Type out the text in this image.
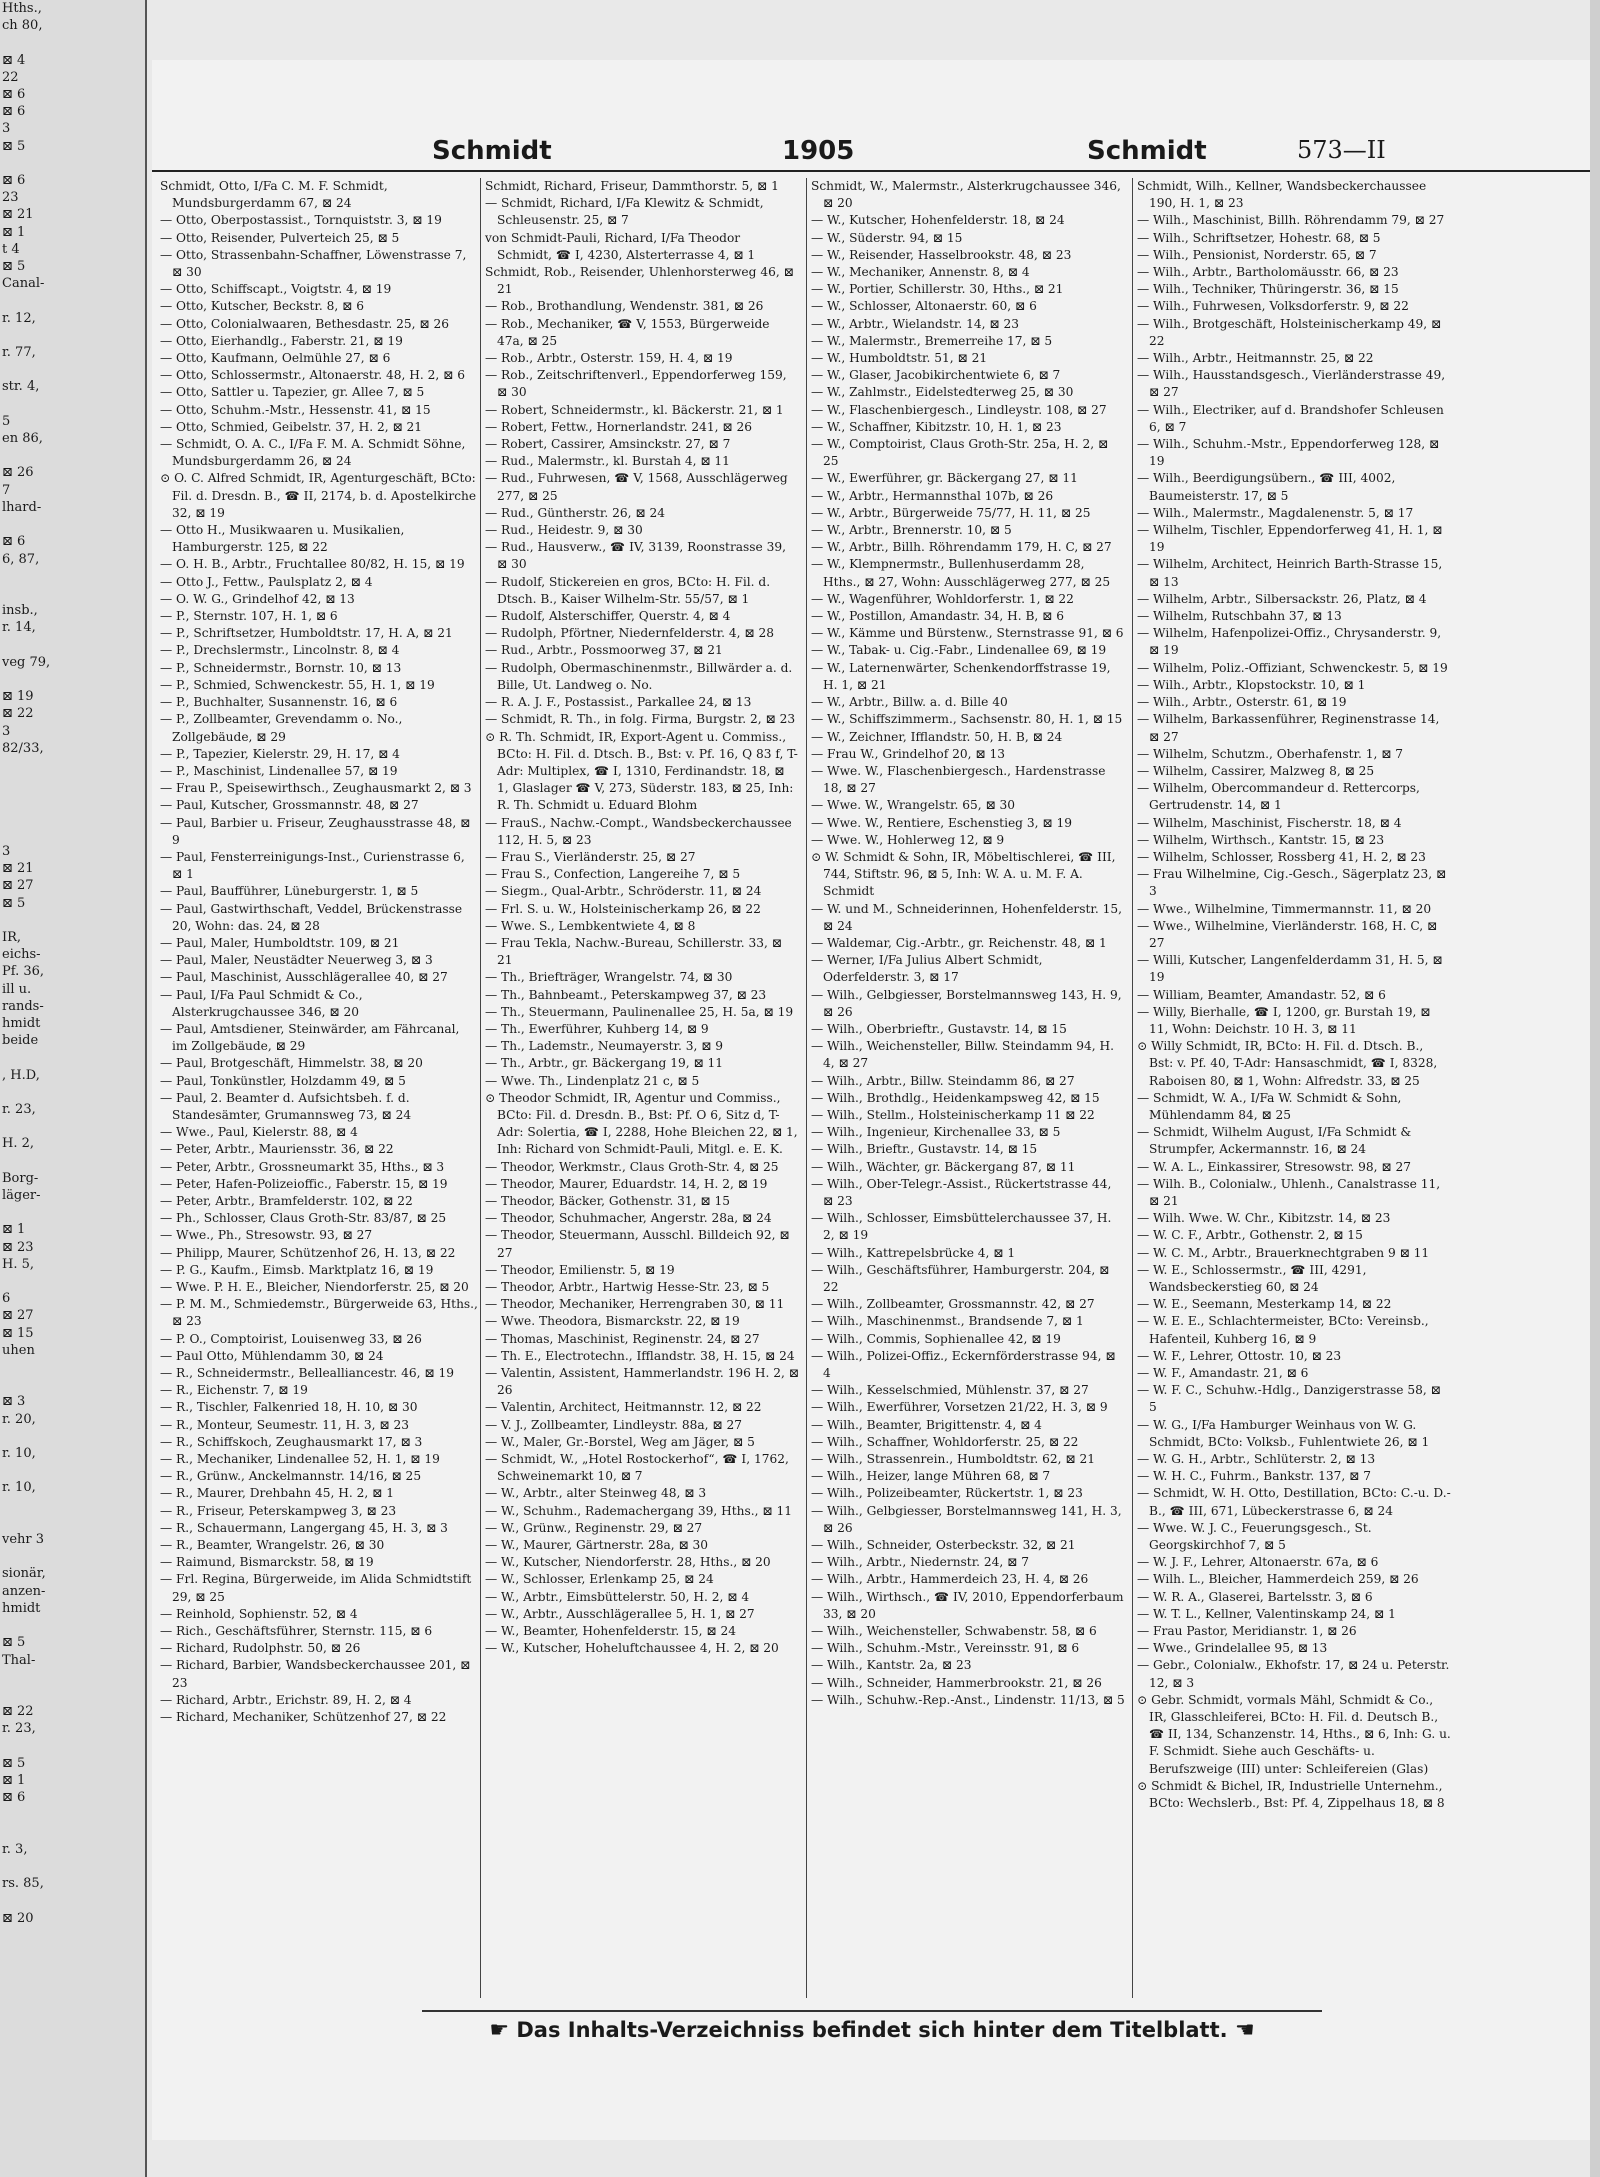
Hths.,
ch 80,

⊠ 4
22
⊠ 6
⊠ 6
3
⊠ 5

⊠ 6
23
⊠ 21
⊠ 1
t 4
⊠ 5
Canal-

r. 12,

r. 77,

str. 4,

5
en 86,

⊠ 26
7
lhard-

⊠ 6
6, 87,

insb.,
r. 14,

veg 79,

⊠ 19
⊠ 22
3
82/33,

3
⊠ 21
⊠ 27
⊠ 5

IR,
eichs-
Pf. 36,
ill u.
rands-
hmidt
beide

, H.D,

r. 23,

H. 2,

Borg-
läger-

⊠ 1
⊠ 23
H. 5,

6
⊠ 27
⊠ 15
uhen

⊠ 3
r. 20,

r. 10,

r. 10,

vehr 3

sionär,
anzen-
hmidt

⊠ 5
Thal-

⊠ 22
r. 23,

⊠ 5
⊠ 1
⊠ 6

r. 3,

rs. 85,

⊠ 20
Schmidt	1905	Schmidt	573—II

Schmidt, Otto, I/Fa C. M. F. Schmidt, Mundsburgerdamm 67, ⊠ 24

— Otto, Oberpostassist., Tornquiststr. 3, ⊠ 19

— Otto, Reisender, Pulverteich 25, ⊠ 5

— Otto, Strassenbahn-Schaffner, Löwenstrasse 7, ⊠ 30

— Otto, Schiffscapt., Voigtstr. 4, ⊠ 19

— Otto, Kutscher, Beckstr. 8, ⊠ 6

— Otto, Colonialwaaren, Bethesdastr. 25, ⊠ 26

— Otto, Eierhandlg., Faberstr. 21, ⊠ 19

— Otto, Kaufmann, Oelmühle 27, ⊠ 6

— Otto, Schlossermstr., Altonaerstr. 48, H. 2, ⊠ 6

— Otto, Sattler u. Tapezier, gr. Allee 7, ⊠ 5

— Otto, Schuhm.-Mstr., Hessenstr. 41, ⊠ 15

— Otto, Schmied, Geibelstr. 37, H. 2, ⊠ 21

— Schmidt, O. A. C., I/Fa F. M. A. Schmidt Söhne, Mundsburgerdamm 26, ⊠ 24

⊙ O. C. Alfred Schmidt, IR, Agenturgeschäft, BCto: Fil. d. Dresdn. B., ☎ II, 2174, b. d. Apostelkirche 32, ⊠ 19

— Otto H., Musikwaaren u. Musikalien, Hamburgerstr. 125, ⊠ 22

— O. H. B., Arbtr., Fruchtallee 80/82, H. 15, ⊠ 19

— Otto J., Fettw., Paulsplatz 2, ⊠ 4

— O. W. G., Grindelhof 42, ⊠ 13

— P., Sternstr. 107, H. 1, ⊠ 6

— P., Schriftsetzer, Humboldtstr. 17, H. A, ⊠ 21

— P., Drechslermstr., Lincolnstr. 8, ⊠ 4

— P., Schneidermstr., Bornstr. 10, ⊠ 13

— P., Schmied, Schwenckestr. 55, H. 1, ⊠ 19

— P., Buchhalter, Susannenstr. 16, ⊠ 6

— P., Zollbeamter, Grevendamm o. No., Zollgebäude, ⊠ 29

— P., Tapezier, Kielerstr. 29, H. 17, ⊠ 4

— P., Maschinist, Lindenallee 57, ⊠ 19

— Frau P., Speisewirthsch., Zeughausmarkt 2, ⊠ 3

— Paul, Kutscher, Grossmannstr. 48, ⊠ 27

— Paul, Barbier u. Friseur, Zeughausstrasse 48, ⊠ 9

— Paul, Fensterreinigungs-Inst., Curienstrasse 6, ⊠ 1

— Paul, Baufführer, Lüneburgerstr. 1, ⊠ 5

— Paul, Gastwirthschaft, Veddel, Brückenstrasse 20, Wohn: das. 24, ⊠ 28

— Paul, Maler, Humboldtstr. 109, ⊠ 21

— Paul, Maler, Neustädter Neuerweg 3, ⊠ 3

— Paul, Maschinist, Ausschlägerallee 40, ⊠ 27

— Paul, I/Fa Paul Schmidt & Co., Alsterkrugchaussee 346, ⊠ 20

— Paul, Amtsdiener, Steinwärder, am Fährcanal, im Zollgebäude, ⊠ 29

— Paul, Brotgeschäft, Himmelstr. 38, ⊠ 20

— Paul, Tonkünstler, Holzdamm 49, ⊠ 5

— Paul, 2. Beamter d. Aufsichtsbeh. f. d. Standesämter, Grumannsweg 73, ⊠ 24

— Wwe., Paul, Kielerstr. 88, ⊠ 4

— Peter, Arbtr., Mauriensstr. 36, ⊠ 22

— Peter, Arbtr., Grossneumarkt 35, Hths., ⊠ 3

— Peter, Hafen-Polizeioffic., Faberstr. 15, ⊠ 19

— Peter, Arbtr., Bramfelderstr. 102, ⊠ 22

— Ph., Schlosser, Claus Groth-Str. 83/87, ⊠ 25

— Wwe., Ph., Stresowstr. 93, ⊠ 27

— Philipp, Maurer, Schützenhof 26, H. 13, ⊠ 22

— P. G., Kaufm., Eimsb. Marktplatz 16, ⊠ 19

— Wwe. P. H. E., Bleicher, Niendorferstr. 25, ⊠ 20

— P. M. M., Schmiedemstr., Bürgerweide 63, Hths., ⊠ 23

— P. O., Comptoirist, Louisenweg 33, ⊠ 26

— Paul Otto, Mühlendamm 30, ⊠ 24

— R., Schneidermstr., Bellealliancestr. 46, ⊠ 19

— R., Eichenstr. 7, ⊠ 19

— R., Tischler, Falkenried 18, H. 10, ⊠ 30

— R., Monteur, Seumestr. 11, H. 3, ⊠ 23

— R., Schiffskoch, Zeughausmarkt 17, ⊠ 3

— R., Mechaniker, Lindenallee 52, H. 1, ⊠ 19

— R., Grünw., Anckelmannstr. 14/16, ⊠ 25

— R., Maurer, Drehbahn 45, H. 2, ⊠ 1

— R., Friseur, Peterskampweg 3, ⊠ 23

— R., Schauermann, Langergang 45, H. 3, ⊠ 3

— R., Beamter, Wrangelstr. 26, ⊠ 30

— Raimund, Bismarckstr. 58, ⊠ 19

— Frl. Regina, Bürgerweide, im Alida Schmidtstift 29, ⊠ 25

— Reinhold, Sophienstr. 52, ⊠ 4

— Rich., Geschäftsführer, Sternstr. 115, ⊠ 6

— Richard, Rudolphstr. 50, ⊠ 26

— Richard, Barbier, Wandsbeckerchaussee 201, ⊠ 23

— Richard, Arbtr., Erichstr. 89, H. 2, ⊠ 4

— Richard, Mechaniker, Schützenhof 27, ⊠ 22

Schmidt, Richard, Friseur, Dammthorstr. 5, ⊠ 1

— Schmidt, Richard, I/Fa Klewitz & Schmidt, Schleusenstr. 25, ⊠ 7

von Schmidt-Pauli, Richard, I/Fa Theodor Schmidt, ☎ I, 4230, Alsterterrasse 4, ⊠ 1

Schmidt, Rob., Reisender, Uhlenhorsterweg 46, ⊠ 21

— Rob., Brothandlung, Wendenstr. 381, ⊠ 26

— Rob., Mechaniker, ☎ V, 1553, Bürgerweide 47a, ⊠ 25

— Rob., Arbtr., Osterstr. 159, H. 4, ⊠ 19

— Rob., Zeitschriftenverl., Eppendorferweg 159, ⊠ 30

— Robert, Schneidermstr., kl. Bäckerstr. 21, ⊠ 1

— Robert, Fettw., Hornerlandstr. 241, ⊠ 26

— Robert, Cassirer, Amsinckstr. 27, ⊠ 7

— Rud., Malermstr., kl. Burstah 4, ⊠ 11

— Rud., Fuhrwesen, ☎ V, 1568, Ausschlägerweg 277, ⊠ 25

— Rud., Güntherstr. 26, ⊠ 24

— Rud., Heidestr. 9, ⊠ 30

— Rud., Hausverw., ☎ IV, 3139, Roonstrasse 39, ⊠ 30

— Rudolf, Stickereien en gros, BCto: H. Fil. d. Dtsch. B., Kaiser Wilhelm-Str. 55/57, ⊠ 1

— Rudolf, Alsterschiffer, Querstr. 4, ⊠ 4

— Rudolph, Pförtner, Niedernfelderstr. 4, ⊠ 28

— Rud., Arbtr., Possmoorweg 37, ⊠ 21

— Rudolph, Obermaschinenmstr., Billwärder a. d. Bille, Ut. Landweg o. No.

— R. A. J. F., Postassist., Parkallee 24, ⊠ 13

— Schmidt, R. Th., in folg. Firma, Burgstr. 2, ⊠ 23

⊙ R. Th. Schmidt, IR, Export-Agent u. Commiss., BCto: H. Fil. d. Dtsch. B., Bst: v. Pf. 16, Q 83 f, T-Adr: Multiplex, ☎ I, 1310, Ferdinandstr. 18, ⊠ 1, Glaslager ☎ V, 273, Süderstr. 183, ⊠ 25, Inh: R. Th. Schmidt u. Eduard Blohm

— FrauS., Nachw.-Compt., Wandsbeckerchaussee 112, H. 5, ⊠ 23

— Frau S., Vierländerstr. 25, ⊠ 27

— Frau S., Confection, Langereihe 7, ⊠ 5

— Siegm., Qual-Arbtr., Schröderstr. 11, ⊠ 24

— Frl. S. u. W., Holsteinischerkamp 26, ⊠ 22

— Wwe. S., Lembkentwiete 4, ⊠ 8

— Frau Tekla, Nachw.-Bureau, Schillerstr. 33, ⊠ 21

— Th., Briefträger, Wrangelstr. 74, ⊠ 30

— Th., Bahnbeamt., Peterskampweg 37, ⊠ 23

— Th., Steuermann, Paulinenallee 25, H. 5a, ⊠ 19

— Th., Ewerführer, Kuhberg 14, ⊠ 9

— Th., Lademstr., Neumayerstr. 3, ⊠ 9

— Th., Arbtr., gr. Bäckergang 19, ⊠ 11

— Wwe. Th., Lindenplatz 21 c, ⊠ 5

⊙ Theodor Schmidt, IR, Agentur und Commiss., BCto: Fil. d. Dresdn. B., Bst: Pf. O 6, Sitz d, T-Adr: Solertia, ☎ I, 2288, Hohe Bleichen 22, ⊠ 1, Inh: Richard von Schmidt-Pauli, Mitgl. e. E. K.

— Theodor, Werkmstr., Claus Groth-Str. 4, ⊠ 25

— Theodor, Maurer, Eduardstr. 14, H. 2, ⊠ 19

— Theodor, Bäcker, Gothenstr. 31, ⊠ 15

— Theodor, Schuhmacher, Angerstr. 28a, ⊠ 24

— Theodor, Steuermann, Ausschl. Billdeich 92, ⊠ 27

— Theodor, Emilienstr. 5, ⊠ 19

— Theodor, Arbtr., Hartwig Hesse-Str. 23, ⊠ 5

— Theodor, Mechaniker, Herrengraben 30, ⊠ 11

— Wwe. Theodora, Bismarckstr. 22, ⊠ 19

— Thomas, Maschinist, Reginenstr. 24, ⊠ 27

— Th. E., Electrotechn., Ifflandstr. 38, H. 15, ⊠ 24

— Valentin, Assistent, Hammerlandstr. 196 H. 2, ⊠ 26

— Valentin, Architect, Heitmannstr. 12, ⊠ 22

— V. J., Zollbeamter, Lindleystr. 88a, ⊠ 27

— W., Maler, Gr.-Borstel, Weg am Jäger, ⊠ 5

— Schmidt, W., „Hotel Rostockerhof“, ☎ I, 1762, Schweinemarkt 10, ⊠ 7

— W., Arbtr., alter Steinweg 48, ⊠ 3

— W., Schuhm., Rademachergang 39, Hths., ⊠ 11

— W., Grünw., Reginenstr. 29, ⊠ 27

— W., Maurer, Gärtnerstr. 28a, ⊠ 30

— W., Kutscher, Niendorferstr. 28, Hths., ⊠ 20

— W., Schlosser, Erlenkamp 25, ⊠ 24

— W., Arbtr., Eimsbüttelerstr. 50, H. 2, ⊠ 4

— W., Arbtr., Ausschlägerallee 5, H. 1, ⊠ 27

— W., Beamter, Hohenfelderstr. 15, ⊠ 24

— W., Kutscher, Hoheluftchaussee 4, H. 2, ⊠ 20

Schmidt, W., Malermstr., Alsterkrugchaussee 346, ⊠ 20

— W., Kutscher, Hohenfelderstr. 18, ⊠ 24

— W., Süderstr. 94, ⊠ 15

— W., Reisender, Hasselbrookstr. 48, ⊠ 23

— W., Mechaniker, Annenstr. 8, ⊠ 4

— W., Portier, Schillerstr. 30, Hths., ⊠ 21

— W., Schlosser, Altonaerstr. 60, ⊠ 6

— W., Arbtr., Wielandstr. 14, ⊠ 23

— W., Malermstr., Bremerreihe 17, ⊠ 5

— W., Humboldtstr. 51, ⊠ 21

— W., Glaser, Jacobikirchentwiete 6, ⊠ 7

— W., Zahlmstr., Eidelstedterweg 25, ⊠ 30

— W., Flaschenbiergesch., Lindleystr. 108, ⊠ 27

— W., Schaffner, Kibitzstr. 10, H. 1, ⊠ 23

— W., Comptoirist, Claus Groth-Str. 25a, H. 2, ⊠ 25

— W., Ewerführer, gr. Bäckergang 27, ⊠ 11

— W., Arbtr., Hermannsthal 107b, ⊠ 26

— W., Arbtr., Bürgerweide 75/77, H. 11, ⊠ 25

— W., Arbtr., Brennerstr. 10, ⊠ 5

— W., Arbtr., Billh. Röhrendamm 179, H. C, ⊠ 27

— W., Klempnermstr., Bullenhuserdamm 28, Hths., ⊠ 27, Wohn: Ausschlägerweg 277, ⊠ 25

— W., Wagenführer, Wohldorferstr. 1, ⊠ 22

— W., Postillon, Amandastr. 34, H. B, ⊠ 6

— W., Kämme und Bürstenw., Sternstrasse 91, ⊠ 6

— W., Tabak- u. Cig.-Fabr., Lindenallee 69, ⊠ 19

— W., Laternenwärter, Schenkendorffstrasse 19, H. 1, ⊠ 21

— W., Arbtr., Billw. a. d. Bille 40

— W., Schiffszimmerm., Sachsenstr. 80, H. 1, ⊠ 15

— W., Zeichner, Ifflandstr. 50, H. B, ⊠ 24

— Frau W., Grindelhof 20, ⊠ 13

— Wwe. W., Flaschenbiergesch., Hardenstrasse 18, ⊠ 27

— Wwe. W., Wrangelstr. 65, ⊠ 30

— Wwe. W., Rentiere, Eschenstieg 3, ⊠ 19

— Wwe. W., Hohlerweg 12, ⊠ 9

⊙ W. Schmidt & Sohn, IR, Möbeltischlerei, ☎ III, 744, Stiftstr. 96, ⊠ 5, Inh: W. A. u. M. F. A. Schmidt

— W. und M., Schneiderinnen, Hohenfelderstr. 15, ⊠ 24

— Waldemar, Cig.-Arbtr., gr. Reichenstr. 48, ⊠ 1

— Werner, I/Fa Julius Albert Schmidt, Oderfelderstr. 3, ⊠ 17

— Wilh., Gelbgiesser, Borstelmannsweg 143, H. 9, ⊠ 26

— Wilh., Oberbrieftr., Gustavstr. 14, ⊠ 15

— Wilh., Weichensteller, Billw. Steindamm 94, H. 4, ⊠ 27

— Wilh., Arbtr., Billw. Steindamm 86, ⊠ 27

— Wilh., Brothdlg., Heidenkampsweg 42, ⊠ 15

— Wilh., Stellm., Holsteinischerkamp 11 ⊠ 22

— Wilh., Ingenieur, Kirchenallee 33, ⊠ 5

— Wilh., Brieftr., Gustavstr. 14, ⊠ 15

— Wilh., Wächter, gr. Bäckergang 87, ⊠ 11

— Wilh., Ober-Telegr.-Assist., Rückertstrasse 44, ⊠ 23

— Wilh., Schlosser, Eimsbüttelerchaussee 37, H. 2, ⊠ 19

— Wilh., Kattrepelsbrücke 4, ⊠ 1

— Wilh., Geschäftsführer, Hamburgerstr. 204, ⊠ 22

— Wilh., Zollbeamter, Grossmannstr. 42, ⊠ 27

— Wilh., Maschinenmst., Brandsende 7, ⊠ 1

— Wilh., Commis, Sophienallee 42, ⊠ 19

— Wilh., Polizei-Offiz., Eckernförderstrasse 94, ⊠ 4

— Wilh., Kesselschmied, Mühlenstr. 37, ⊠ 27

— Wilh., Ewerführer, Vorsetzen 21/22, H. 3, ⊠ 9

— Wilh., Beamter, Brigittenstr. 4, ⊠ 4

— Wilh., Schaffner, Wohldorferstr. 25, ⊠ 22

— Wilh., Strassenrein., Humboldtstr. 62, ⊠ 21

— Wilh., Heizer, lange Mühren 68, ⊠ 7

— Wilh., Polizeibeamter, Rückertstr. 1, ⊠ 23

— Wilh., Gelbgiesser, Borstelmannsweg 141, H. 3, ⊠ 26

— Wilh., Schneider, Osterbeckstr. 32, ⊠ 21

— Wilh., Arbtr., Niedernstr. 24, ⊠ 7

— Wilh., Arbtr., Hammerdeich 23, H. 4, ⊠ 26

— Wilh., Wirthsch., ☎ IV, 2010, Eppendorferbaum 33, ⊠ 20

— Wilh., Weichensteller, Schwabenstr. 58, ⊠ 6

— Wilh., Schuhm.-Mstr., Vereinsstr. 91, ⊠ 6

— Wilh., Kantstr. 2a, ⊠ 23

— Wilh., Schneider, Hammerbrookstr. 21, ⊠ 26

— Wilh., Schuhw.-Rep.-Anst., Lindenstr. 11/13, ⊠ 5

Schmidt, Wilh., Kellner, Wandsbeckerchaussee 190, H. 1, ⊠ 23

— Wilh., Maschinist, Billh. Röhrendamm 79, ⊠ 27

— Wilh., Schriftsetzer, Hohestr. 68, ⊠ 5

— Wilh., Pensionist, Norderstr. 65, ⊠ 7

— Wilh., Arbtr., Bartholomäusstr. 66, ⊠ 23

— Wilh., Techniker, Thüringerstr. 36, ⊠ 15

— Wilh., Fuhrwesen, Volksdorferstr. 9, ⊠ 22

— Wilh., Brotgeschäft, Holsteinischerkamp 49, ⊠ 22

— Wilh., Arbtr., Heitmannstr. 25, ⊠ 22

— Wilh., Hausstandsgesch., Vierländerstrasse 49, ⊠ 27

— Wilh., Electriker, auf d. Brandshofer Schleusen 6, ⊠ 7

— Wilh., Schuhm.-Mstr., Eppendorferweg 128, ⊠ 19

— Wilh., Beerdigungsübern., ☎ III, 4002, Baumeisterstr. 17, ⊠ 5

— Wilh., Malermstr., Magdalenenstr. 5, ⊠ 17

— Wilhelm, Tischler, Eppendorferweg 41, H. 1, ⊠ 19

— Wilhelm, Architect, Heinrich Barth-Strasse 15, ⊠ 13

— Wilhelm, Arbtr., Silbersackstr. 26, Platz, ⊠ 4

— Wilhelm, Rutschbahn 37, ⊠ 13

— Wilhelm, Hafenpolizei-Offiz., Chrysanderstr. 9, ⊠ 19

— Wilhelm, Poliz.-Offiziant, Schwenckestr. 5, ⊠ 19

— Wilh., Arbtr., Klopstockstr. 10, ⊠ 1

— Wilh., Arbtr., Osterstr. 61, ⊠ 19

— Wilhelm, Barkassenführer, Reginenstrasse 14, ⊠ 27

— Wilhelm, Schutzm., Oberhafenstr. 1, ⊠ 7

— Wilhelm, Cassirer, Malzweg 8, ⊠ 25

— Wilhelm, Obercommandeur d. Rettercorps, Gertrudenstr. 14, ⊠ 1

— Wilhelm, Maschinist, Fischerstr. 18, ⊠ 4

— Wilhelm, Wirthsch., Kantstr. 15, ⊠ 23

— Wilhelm, Schlosser, Rossberg 41, H. 2, ⊠ 23

— Frau Wilhelmine, Cig.-Gesch., Sägerplatz 23, ⊠ 3

— Wwe., Wilhelmine, Timmermannstr. 11, ⊠ 20

— Wwe., Wilhelmine, Vierländerstr. 168, H. C, ⊠ 27

— Willi, Kutscher, Langenfelderdamm 31, H. 5, ⊠ 19

— William, Beamter, Amandastr. 52, ⊠ 6

— Willy, Bierhalle, ☎ I, 1200, gr. Burstah 19, ⊠ 11, Wohn: Deichstr. 10 H. 3, ⊠ 11

⊙ Willy Schmidt, IR, BCto: H. Fil. d. Dtsch. B., Bst: v. Pf. 40, T-Adr: Hansaschmidt, ☎ I, 8328, Raboisen 80, ⊠ 1, Wohn: Alfredstr. 33, ⊠ 25

— Schmidt, W. A., I/Fa W. Schmidt & Sohn, Mühlendamm 84, ⊠ 25

— Schmidt, Wilhelm August, I/Fa Schmidt & Strumpfer, Ackermannstr. 16, ⊠ 24

— W. A. L., Einkassirer, Stresowstr. 98, ⊠ 27

— Wilh. B., Colonialw., Uhlenh., Canalstrasse 11, ⊠ 21

— Wilh. Wwe. W. Chr., Kibitzstr. 14, ⊠ 23

— W. C. F., Arbtr., Gothenstr. 2, ⊠ 15

— W. C. M., Arbtr., Brauerknechtgraben 9 ⊠ 11

— W. E., Schlossermstr., ☎ III, 4291, Wandsbeckerstieg 60, ⊠ 24

— W. E., Seemann, Mesterkamp 14, ⊠ 22

— W. E. E., Schlachtermeister, BCto: Vereinsb., Hafenteil, Kuhberg 16, ⊠ 9

— W. F., Lehrer, Ottostr. 10, ⊠ 23

— W. F., Amandastr. 21, ⊠ 6

— W. F. C., Schuhw.-Hdlg., Danzigerstrasse 58, ⊠ 5

— W. G., I/Fa Hamburger Weinhaus von W. G. Schmidt, BCto: Volksb., Fuhlentwiete 26, ⊠ 1

— W. G. H., Arbtr., Schlüterstr. 2, ⊠ 13

— W. H. C., Fuhrm., Bankstr. 137, ⊠ 7

— Schmidt, W. H. Otto, Destillation, BCto: C.-u. D.-B., ☎ III, 671, Lübeckerstrasse 6, ⊠ 24

— Wwe. W. J. C., Feuerungsgesch., St. Georgskirchhof 7, ⊠ 5

— W. J. F., Lehrer, Altonaerstr. 67a, ⊠ 6

— Wilh. L., Bleicher, Hammerdeich 259, ⊠ 26

— W. R. A., Glaserei, Bartelsstr. 3, ⊠ 6

— W. T. L., Kellner, Valentinskamp 24, ⊠ 1

— Frau Pastor, Meridianstr. 1, ⊠ 26

— Wwe., Grindelallee 95, ⊠ 13

— Gebr., Colonialw., Ekhofstr. 17, ⊠ 24 u. Peterstr. 12, ⊠ 3

⊙ Gebr. Schmidt, vormals Mähl, Schmidt & Co., IR, Glasschleiferei, BCto: H. Fil. d. Deutsch B., ☎ II, 134, Schanzenstr. 14, Hths., ⊠ 6, Inh: G. u. F. Schmidt. Siehe auch Geschäfts- u. Berufszweige (III) unter: Schleifereien (Glas)

⊙ Schmidt & Bichel, IR, Industrielle Unternehm., BCto: Wechslerb., Bst: Pf. 4, Zippelhaus 18, ⊠ 8

☛ Das Inhalts-Verzeichniss befindet sich hinter dem Titelblatt. ☚
